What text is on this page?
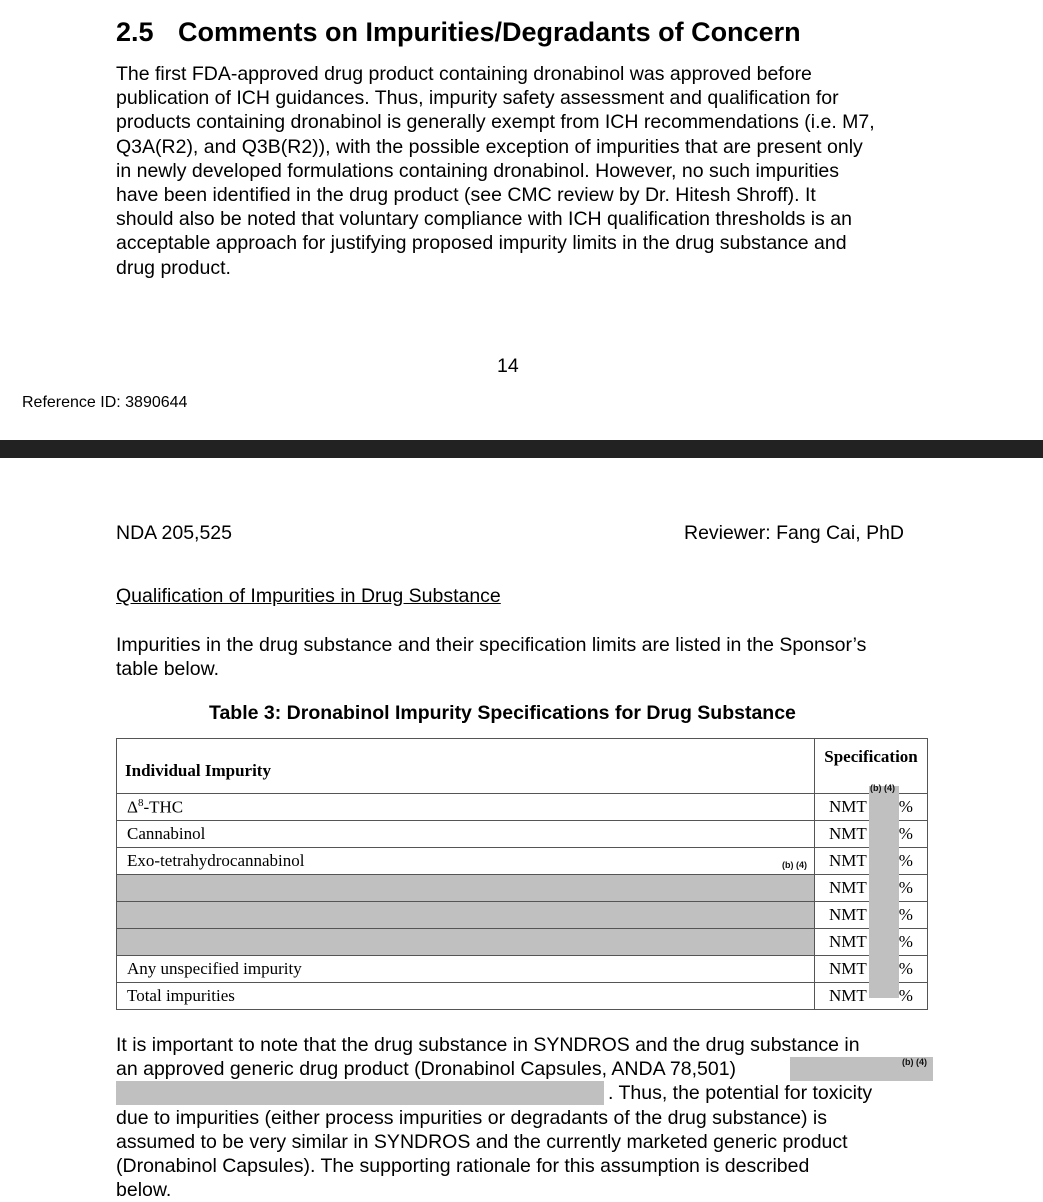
2.5 Comments on Impurities/Degradants of Concern
The first FDA-approved drug product containing dronabinol was approved before
publication of ICH guidances. Thus, impurity safety assessment and qualification for
products containing dronabinol is generally exempt from ICH recommendations (i.e. M7,
Q3A(R2), and Q3B(R2)), with the possible exception of impurities that are present only
in newly developed formulations containing dronabinol. However, no such impurities
have been identified in the drug product (see CMC review by Dr. Hitesh Shroff). It
should also be noted that voluntary compliance with ICH qualification thresholds is an
acceptable approach for justifying proposed impurity limits in the drug substance and
drug product.
14
Reference ID: 3890644
NDA 205,525	Reviewer: Fang Cai, PhD
Qualification of Impurities in Drug Substance
Impurities in the drug substance and their specification limits are listed in the Sponsor’s
table below.
Table 3: Dronabinol Impurity Specifications for Drug Substance
Individual Impurity	Specification
$\Delta^8$-THC	NMT %
Cannabinol	NMT %
Exo-tetrahydrocannabinol	NMT %
	NMT %
	NMT %
	NMT %
Any unspecified impurity	NMT %
Total impurities	NMT %
(b) (4)
(b) (4)
It is important to note that the drug substance in SYNDROS and the drug substance in
an approved generic drug product (Dronabinol Capsules, ANDA 78,501)
. Thus, the potential for toxicity
due to impurities (either process impurities or degradants of the drug substance) is
assumed to be very similar in SYNDROS and the currently marketed generic product
(Dronabinol Capsules). The supporting rationale for this assumption is described
below.
(b) (4)
